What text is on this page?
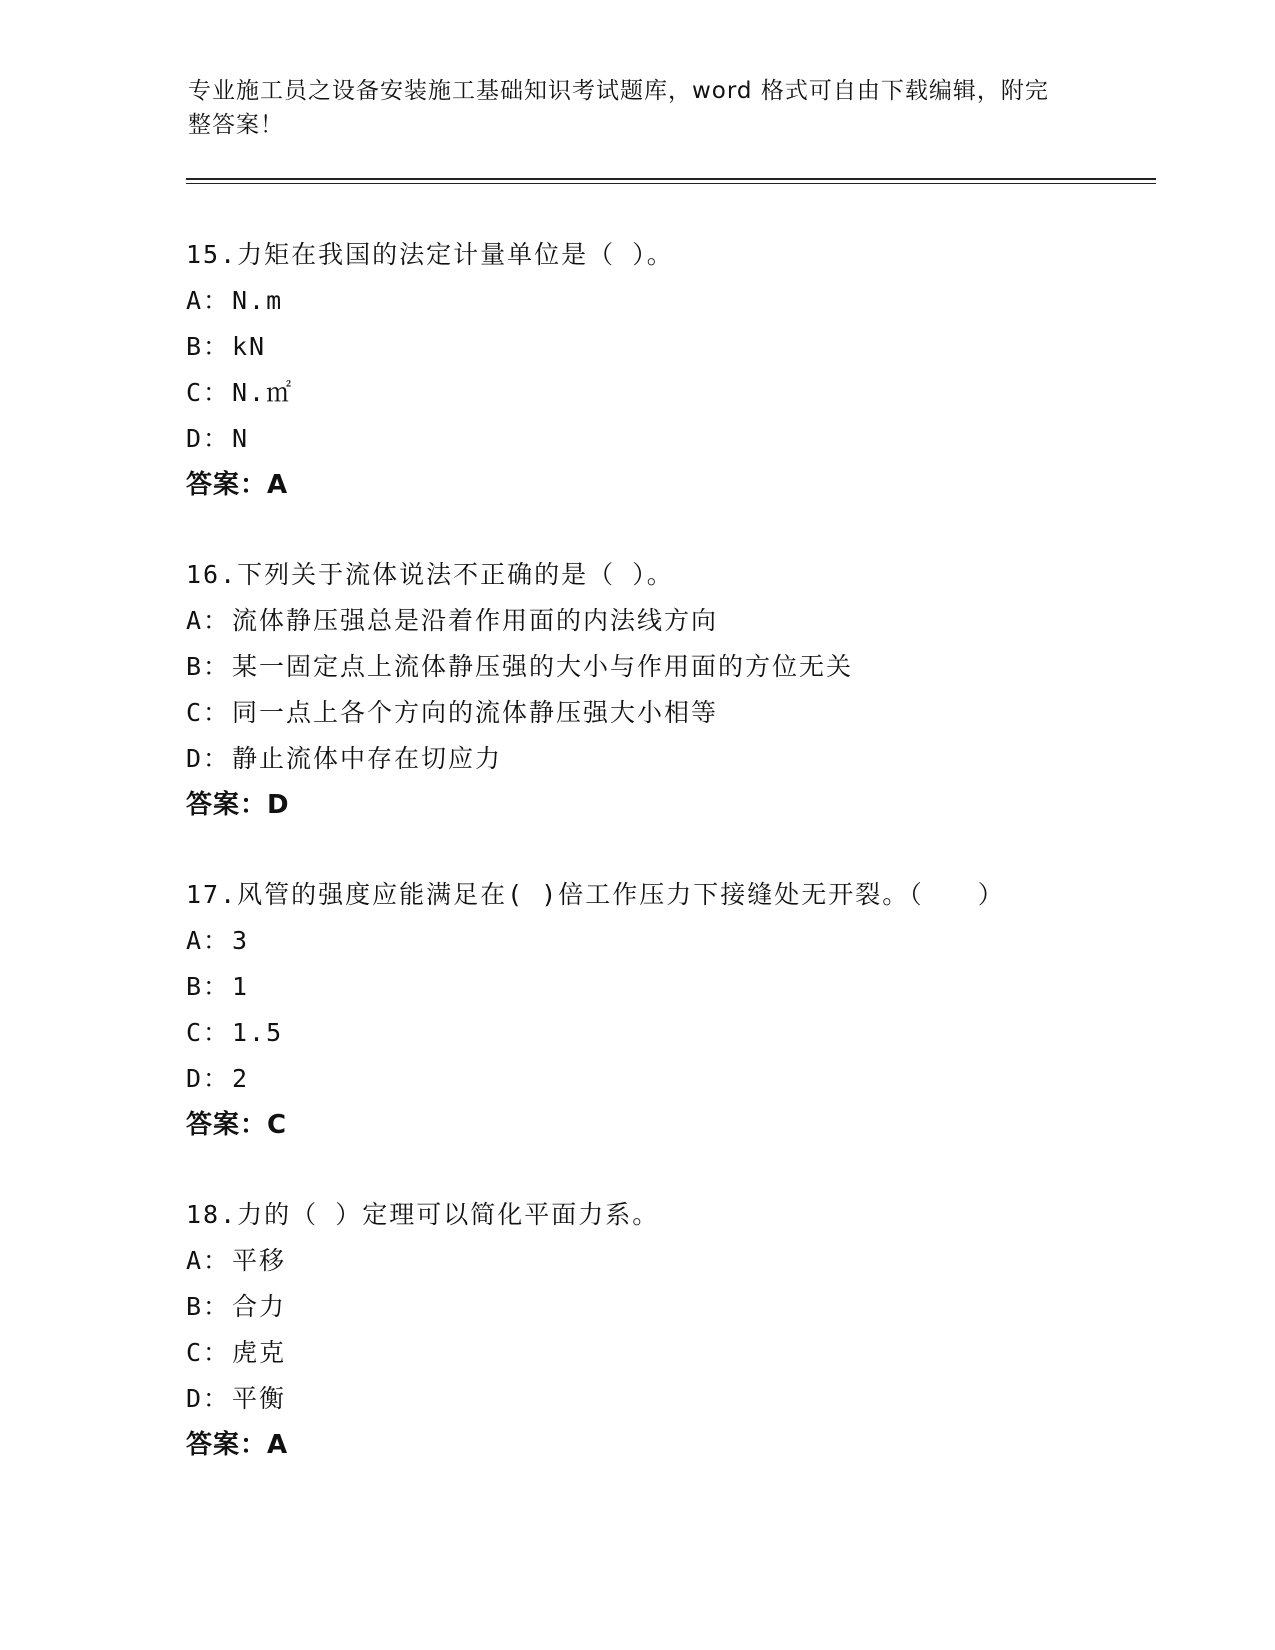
专业施工员之设备安装施工基础知识考试题库，word 格式可自由下载编辑，附完
整答案！
15.力矩在我国的法定计量单位是（ ）。
A：N.m
B：kN
C：N.㎡
D：N
答案：A
16.下列关于流体说法不正确的是（ ）。
A：流体静压强总是沿着作用面的内法线方向
B：某一固定点上流体静压强的大小与作用面的方位无关
C：同一点上各个方向的流体静压强大小相等
D：静止流体中存在切应力
答案：D
17.风管的强度应能满足在( )倍工作压力下接缝处无开裂。（　　）
A：3
B：1
C：1.5
D：2
答案：C
18.力的（ ）定理可以简化平面力系。
A：平移
B：合力
C：虎克
D：平衡
答案：A
